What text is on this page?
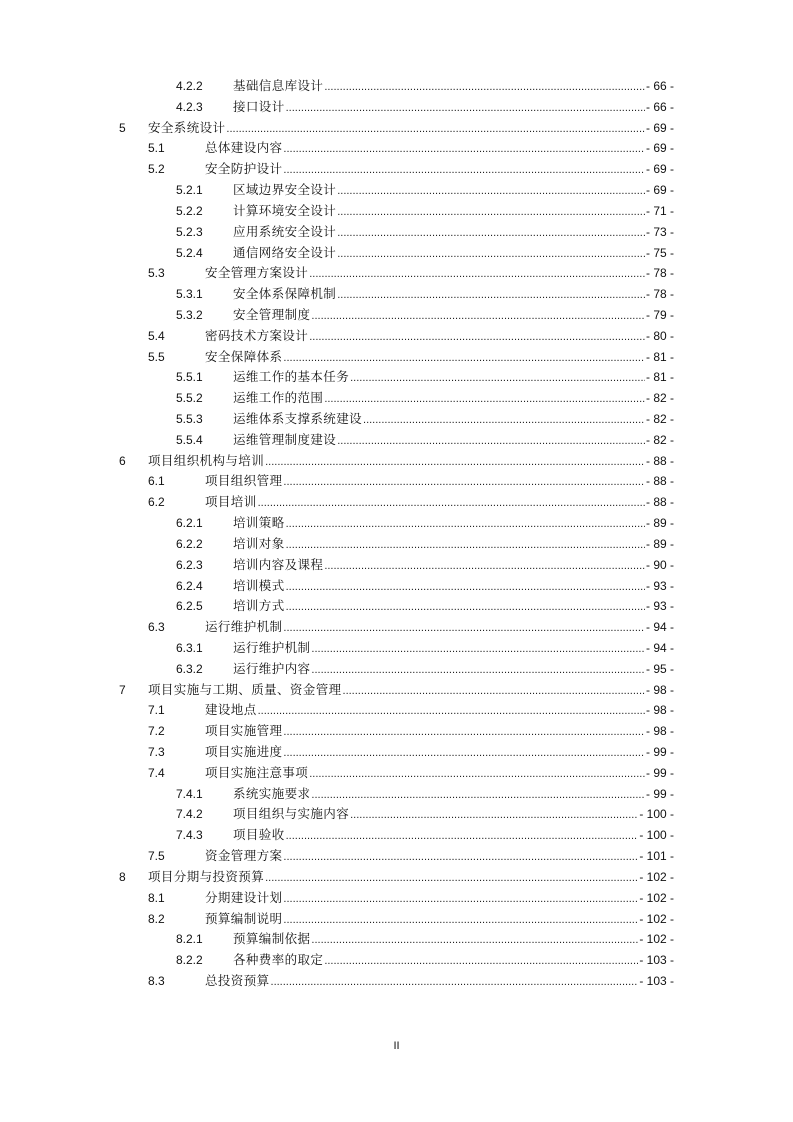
4.2.2 基础信息库设计 .....	- 66 -
4.2.3 接口设计 .....	- 66 -
5 安全系统设计 .....	- 69 -
5.1	总体建设内容 .....	- 69 -
5.2	安全防护设计 .....	- 69 -
5.2.1 区域边界安全设计 .....	- 69 -
5.2.2 计算环境安全设计 .....	- 71 -
5.2.3 应用系统安全设计 .....	- 73 -
5.2.4 通信网络安全设计 .....	- 75 -
5.3	安全管理方案设计 .....	- 78 -
5.3.1 安全体系保障机制 .....	- 78 -
5.3.2 安全管理制度 .....	- 79 -
5.4	密码技术方案设计 .....	- 80 -
5.5	安全保障体系 .....	- 81 -
5.5.1 运维工作的基本任务 .....	- 81 -
5.5.2 运维工作的范围 .....	- 82 -
5.5.3 运维体系支撑系统建设 .....	- 82 -
5.5.4 运维管理制度建设 .....	- 82 -
6 项目组织机构与培训 .....	- 88 -
6.1	项目组织管理 .....	- 88 -
6.2	项目培训 .....	- 88 -
6.2.1 培训策略 .....	- 89 -
6.2.2 培训对象 .....	- 89 -
6.2.3 培训内容及课程 .....	- 90 -
6.2.4 培训模式 .....	- 93 -
6.2.5 培训方式 .....	- 93 -
6.3	运行维护机制 .....	- 94 -
6.3.1 运行维护机制 .....	- 94 -
6.3.2 运行维护内容 .....	- 95 -
7 项目实施与工期、质量、资金管理 .....	- 98 -
7.1	建设地点 .....	- 98 -
7.2	项目实施管理 .....	- 98 -
7.3	项目实施进度 .....	- 99 -
7.4	项目实施注意事项 .....	- 99 -
7.4.1 系统实施要求 .....	- 99 -
7.4.2 项目组织与实施内容 .....	- 100 -
7.4.3 项目验收 .....	- 100 -
7.5	资金管理方案 .....	- 101 -
8 项目分期与投资预算 .....	- 102 -
8.1	分期建设计划 .....	- 102 -
8.2	预算编制说明 .....	- 102 -
8.2.1 预算编制依据 .....	- 102 -
8.2.2 各种费率的取定 .....	- 103 -
8.3	总投资预算 .....	- 103 -
II
